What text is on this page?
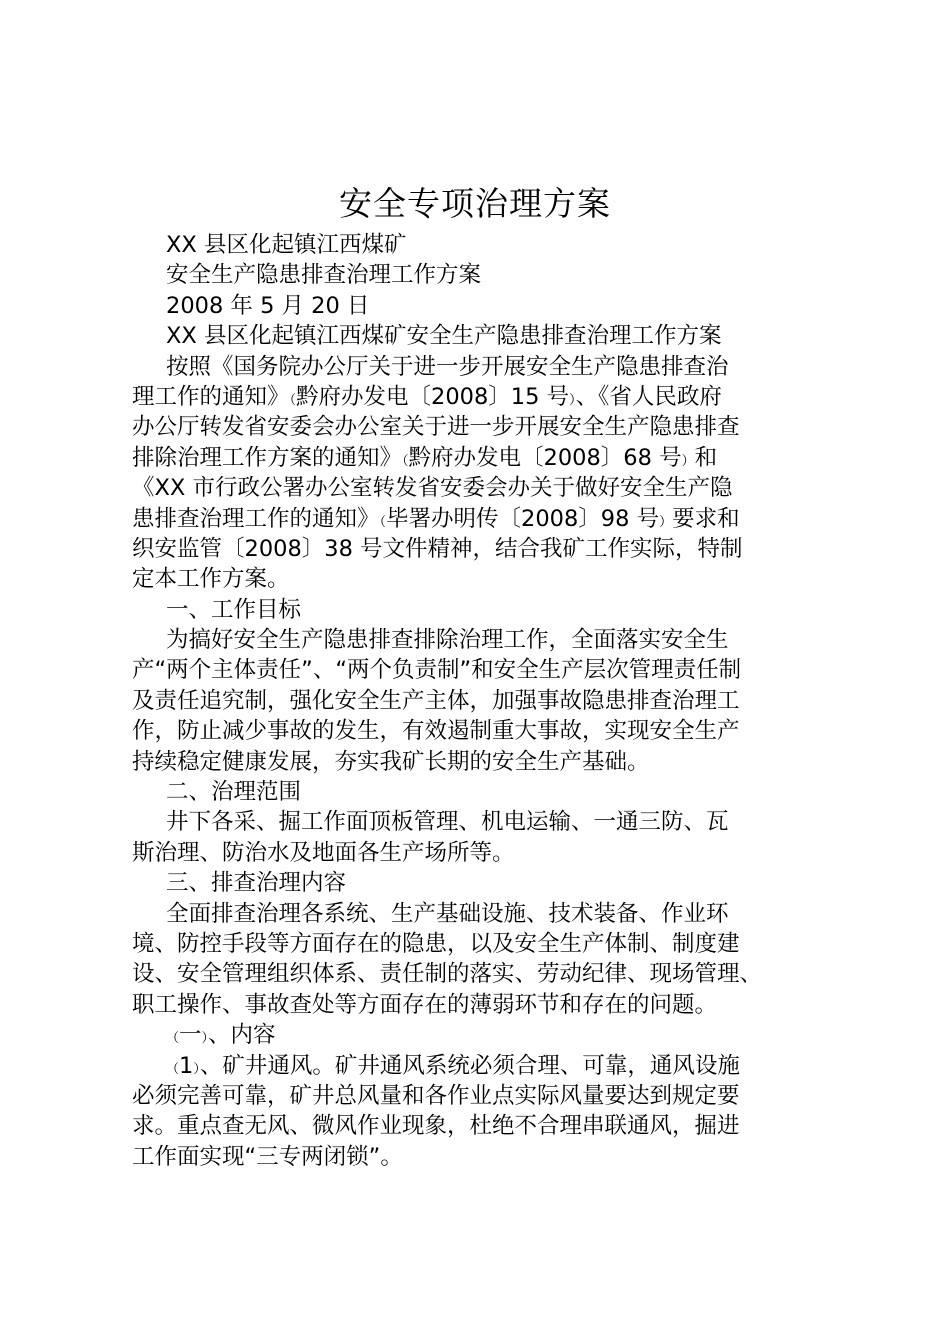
安全专项治理方案
XX 县区化起镇江西煤矿
安全生产隐患排查治理工作方案
2008 年 5 月 20 日
XX 县区化起镇江西煤矿安全生产隐患排查治理工作方案
按照《国务院办公厅关于进一步开展安全生产隐患排查治
理工作的通知》（黔府办发电〔2008〕15 号）、《省人民政府
办公厅转发省安委会办公室关于进一步开展安全生产隐患排查
排除治理工作方案的通知》（黔府办发电〔2008〕68 号）和
《XX 市行政公署办公室转发省安委会办关于做好安全生产隐
患排查治理工作的通知》（毕署办明传〔2008〕98 号）要求和
织安监管〔2008〕38 号文件精神，结合我矿工作实际，特制
定本工作方案。
一、工作目标
为搞好安全生产隐患排查排除治理工作，全面落实安全生
产“两个主体责任”、“两个负责制”和安全生产层次管理责任制
及责任追究制，强化安全生产主体，加强事故隐患排查治理工
作，防止减少事故的发生，有效遏制重大事故，实现安全生产
持续稳定健康发展，夯实我矿长期的安全生产基础。
二、治理范围
井下各采、掘工作面顶板管理、机电运输、一通三防、瓦
斯治理、防治水及地面各生产场所等。
三、排查治理内容
全面排查治理各系统、生产基础设施、技术装备、作业环
境、防控手段等方面存在的隐患，以及安全生产体制、制度建
设、安全管理组织体系、责任制的落实、劳动纪律、现场管理、
职工操作、事故查处等方面存在的薄弱环节和存在的问题。
（一）、内容
（1）、矿井通风。矿井通风系统必须合理、可靠，通风设施
必须完善可靠，矿井总风量和各作业点实际风量要达到规定要
求。重点查无风、微风作业现象，杜绝不合理串联通风，掘进
工作面实现“三专两闭锁”。
